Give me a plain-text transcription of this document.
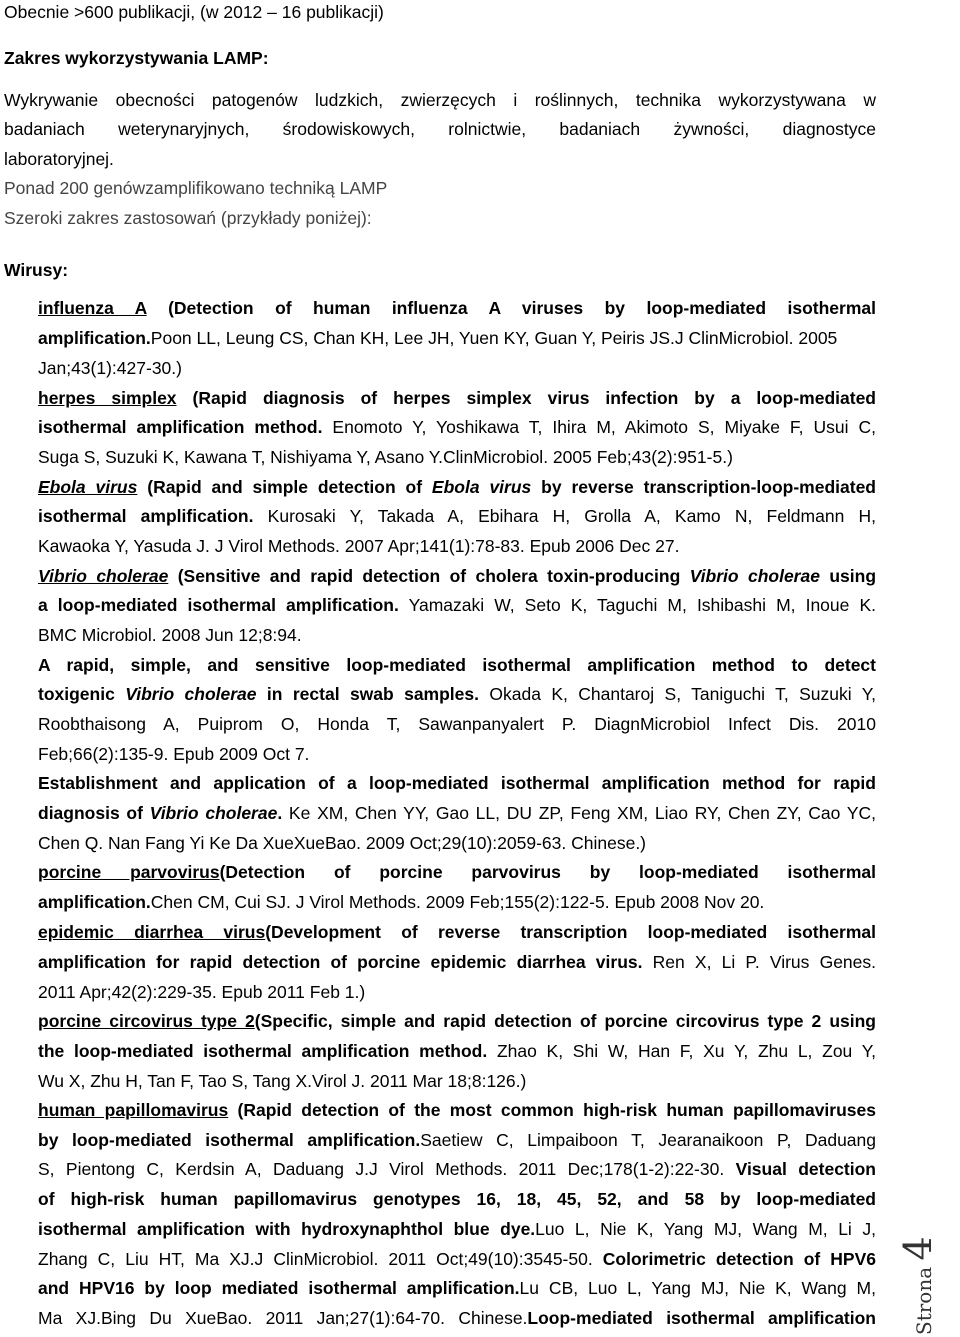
Obecnie >600 publikacji, (w 2012 – 16 publikacji)
Zakres wykorzystywania LAMP:
Wykrywanie obecności patogenów ludzkich, zwierzęcych i roślinnych, technika wykorzystywana w
badaniach weterynaryjnych, środowiskowych, rolnictwie, badaniach żywności, diagnostyce
laboratoryjnej.
Ponad 200 genówzamplifikowano techniką LAMP
Szeroki zakres zastosowań (przykłady poniżej):
Wirusy:
influenza A (Detection of human influenza A viruses by loop-mediated isothermal
amplification.Poon LL, Leung CS, Chan KH, Lee JH, Yuen KY, Guan Y, Peiris JS.J ClinMicrobiol. 2005
Jan;43(1):427-30.)
herpes simplex (Rapid diagnosis of herpes simplex virus infection by a loop-mediated
isothermal amplification method. Enomoto Y, Yoshikawa T, Ihira M, Akimoto S, Miyake F, Usui C,
Suga S, Suzuki K, Kawana T, Nishiyama Y, Asano Y.ClinMicrobiol. 2005 Feb;43(2):951-5.)
Ebola virus (Rapid and simple detection of Ebola virus by reverse transcription-loop-mediated
isothermal amplification. Kurosaki Y, Takada A, Ebihara H, Grolla A, Kamo N, Feldmann H,
Kawaoka Y, Yasuda J. J Virol Methods. 2007 Apr;141(1):78-83. Epub 2006 Dec 27.
Vibrio cholerae (Sensitive and rapid detection of cholera toxin-producing Vibrio cholerae using
a loop-mediated isothermal amplification. Yamazaki W, Seto K, Taguchi M, Ishibashi M, Inoue K.
BMC Microbiol. 2008 Jun 12;8:94.
A rapid, simple, and sensitive loop-mediated isothermal amplification method to detect
toxigenic Vibrio cholerae in rectal swab samples. Okada K, Chantaroj S, Taniguchi T, Suzuki Y,
Roobthaisong A, Puiprom O, Honda T, Sawanpanyalert P. DiagnMicrobiol Infect Dis. 2010
Feb;66(2):135-9. Epub 2009 Oct 7.
Establishment and application of a loop-mediated isothermal amplification method for rapid
diagnosis of Vibrio cholerae. Ke XM, Chen YY, Gao LL, DU ZP, Feng XM, Liao RY, Chen ZY, Cao YC,
Chen Q. Nan Fang Yi Ke Da XueXueBao. 2009 Oct;29(10):2059-63. Chinese.)
porcine parvovirus(Detection of porcine parvovirus by loop-mediated isothermal
amplification.Chen CM, Cui SJ. J Virol Methods. 2009 Feb;155(2):122-5. Epub 2008 Nov 20.
epidemic diarrhea virus(Development of reverse transcription loop-mediated isothermal
amplification for rapid detection of porcine epidemic diarrhea virus. Ren X, Li P. Virus Genes.
2011 Apr;42(2):229-35. Epub 2011 Feb 1.)
porcine circovirus type 2(Specific, simple and rapid detection of porcine circovirus type 2 using
the loop-mediated isothermal amplification method. Zhao K, Shi W, Han F, Xu Y, Zhu L, Zou Y,
Wu X, Zhu H, Tan F, Tao S, Tang X.Virol J. 2011 Mar 18;8:126.)
human papillomavirus (Rapid detection of the most common high-risk human papillomaviruses
by loop-mediated isothermal amplification.Saetiew C, Limpaiboon T, Jearanaikoon P, Daduang
S, Pientong C, Kerdsin A, Daduang J.J Virol Methods. 2011 Dec;178(1-2):22-30. Visual detection
of high-risk human papillomavirus genotypes 16, 18, 45, 52, and 58 by loop-mediated
isothermal amplification with hydroxynaphthol blue dye.Luo L, Nie K, Yang MJ, Wang M, Li J,
Zhang C, Liu HT, Ma XJ.J ClinMicrobiol. 2011 Oct;49(10):3545-50. Colorimetric detection of HPV6
and HPV16 by loop mediated isothermal amplification.Lu CB, Luo L, Yang MJ, Nie K, Wang M,
Ma XJ.Bing Du XueBao. 2011 Jan;27(1):64-70. Chinese.Loop-mediated isothermal amplification	Strona 4
